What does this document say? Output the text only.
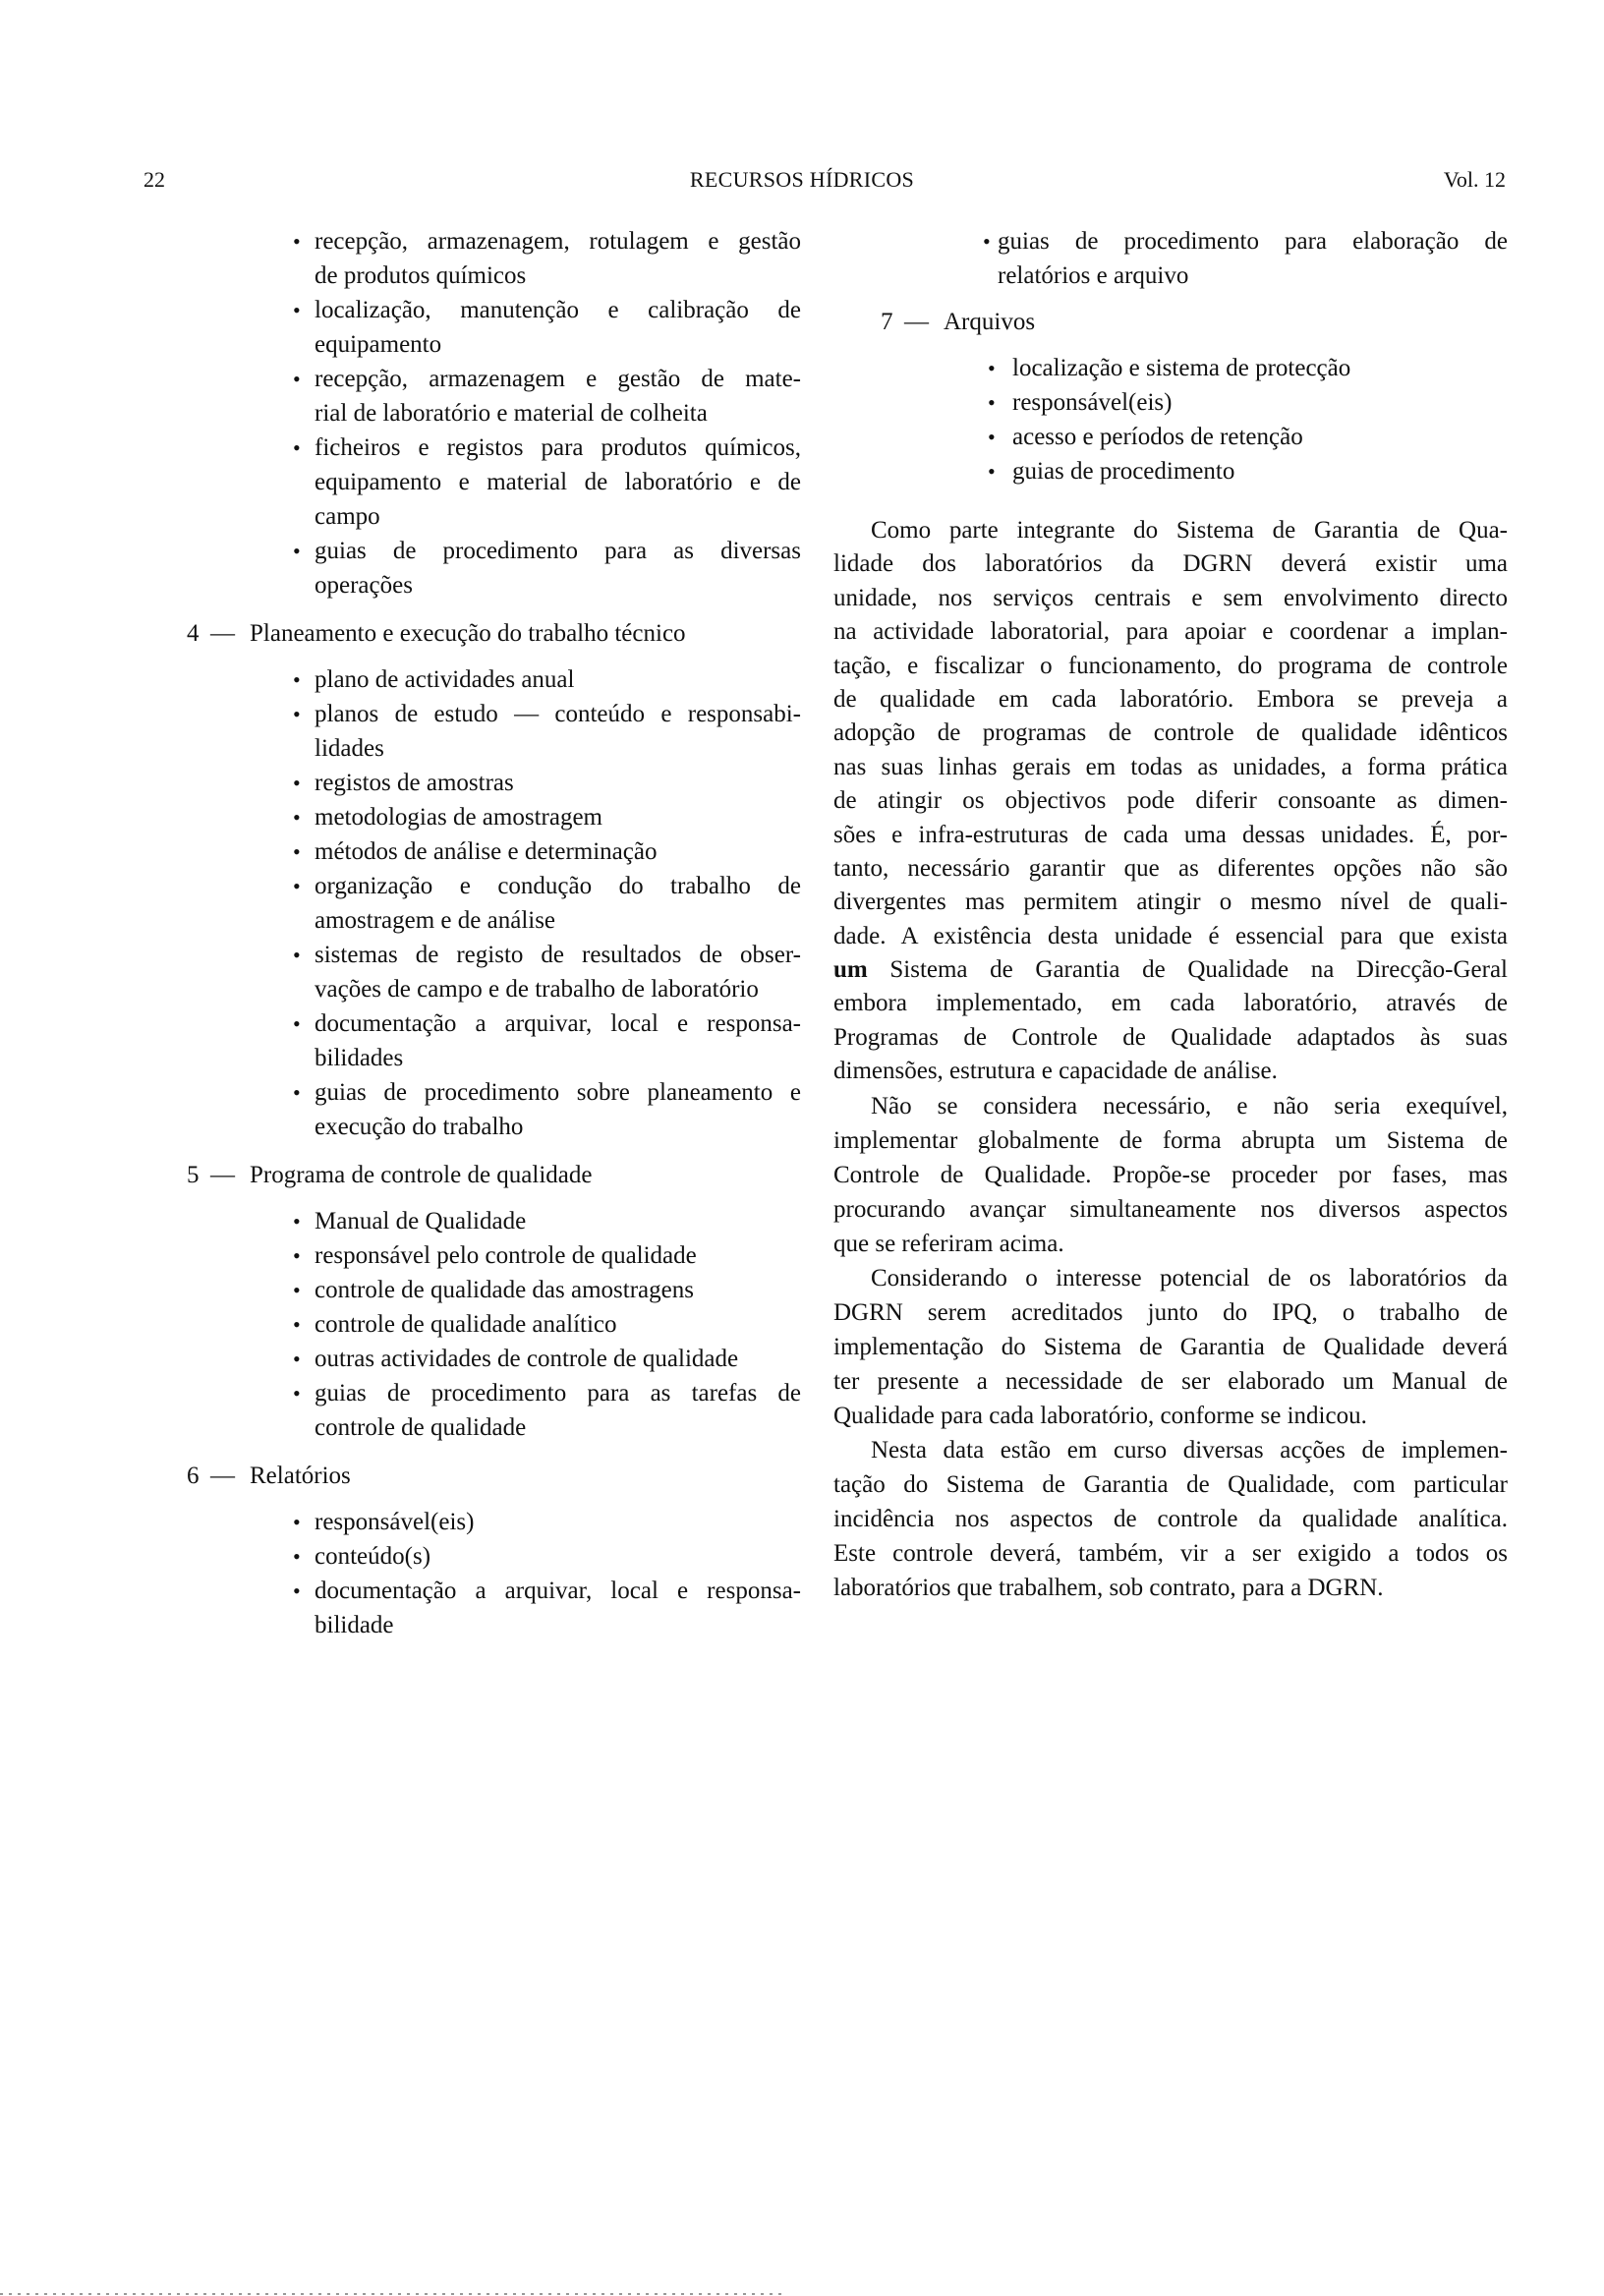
22	RECURSOS HÍDRICOS	Vol. 12
• recepção, armazenagem, rotulagem e gestão
de produtos químicos
• localização, manutenção e calibração de
equipamento
• recepção, armazenagem e gestão de mate-
rial de laboratório e material de colheita
• ficheiros e registos para produtos químicos,
equipamento e material de laboratório e de
campo
• guias de procedimento para as diversas
operações
4 — Planeamento e execução do trabalho técnico
• plano de actividades anual
• planos de estudo — conteúdo e responsabi-
lidades
• registos de amostras
• metodologias de amostragem
• métodos de análise e determinação
• organização e condução do trabalho de
amostragem e de análise
• sistemas de registo de resultados de obser-
vações de campo e de trabalho de laboratório
• documentação a arquivar, local e responsa-
bilidades
• guias de procedimento sobre planeamento e
execução do trabalho
5 — Programa de controle de qualidade
• Manual de Qualidade
• responsável pelo controle de qualidade
• controle de qualidade das amostragens
• controle de qualidade analítico
• outras actividades de controle de qualidade
• guias de procedimento para as tarefas de
controle de qualidade
6 — Relatórios
• responsável(eis)
• conteúdo(s)
• documentação a arquivar, local e responsa-
bilidade
• guias de procedimento para elaboração de
relatórios e arquivo
7 — Arquivos
• localização e sistema de protecção
• responsável(eis)
• acesso e períodos de retenção
• guias de procedimento
Como parte integrante do Sistema de Garantia de Qua-
lidade dos laboratórios da DGRN deverá existir uma
unidade, nos serviços centrais e sem envolvimento directo
na actividade laboratorial, para apoiar e coordenar a implan-
tação, e fiscalizar o funcionamento, do programa de controle
de qualidade em cada laboratório. Embora se preveja a
adopção de programas de controle de qualidade idênticos
nas suas linhas gerais em todas as unidades, a forma prática
de atingir os objectivos pode diferir consoante as dimen-
sões e infra-estruturas de cada uma dessas unidades. É, por-
tanto, necessário garantir que as diferentes opções não são
divergentes mas permitem atingir o mesmo nível de quali-
dade. A existência desta unidade é essencial para que exista
um Sistema de Garantia de Qualidade na Direcção-Geral
embora implementado, em cada laboratório, através de
Programas de Controle de Qualidade adaptados às suas
dimensões, estrutura e capacidade de análise.
Não se considera necessário, e não seria exequível,
implementar globalmente de forma abrupta um Sistema de
Controle de Qualidade. Propõe-se proceder por fases, mas
procurando avançar simultaneamente nos diversos aspectos
que se referiram acima.
Considerando o interesse potencial de os laboratórios da
DGRN serem acreditados junto do IPQ, o trabalho de
implementação do Sistema de Garantia de Qualidade deverá
ter presente a necessidade de ser elaborado um Manual de
Qualidade para cada laboratório, conforme se indicou.
Nesta data estão em curso diversas acções de implemen-
tação do Sistema de Garantia de Qualidade, com particular
incidência nos aspectos de controle da qualidade analítica.
Este controle deverá, também, vir a ser exigido a todos os
laboratórios que trabalhem, sob contrato, para a DGRN.
